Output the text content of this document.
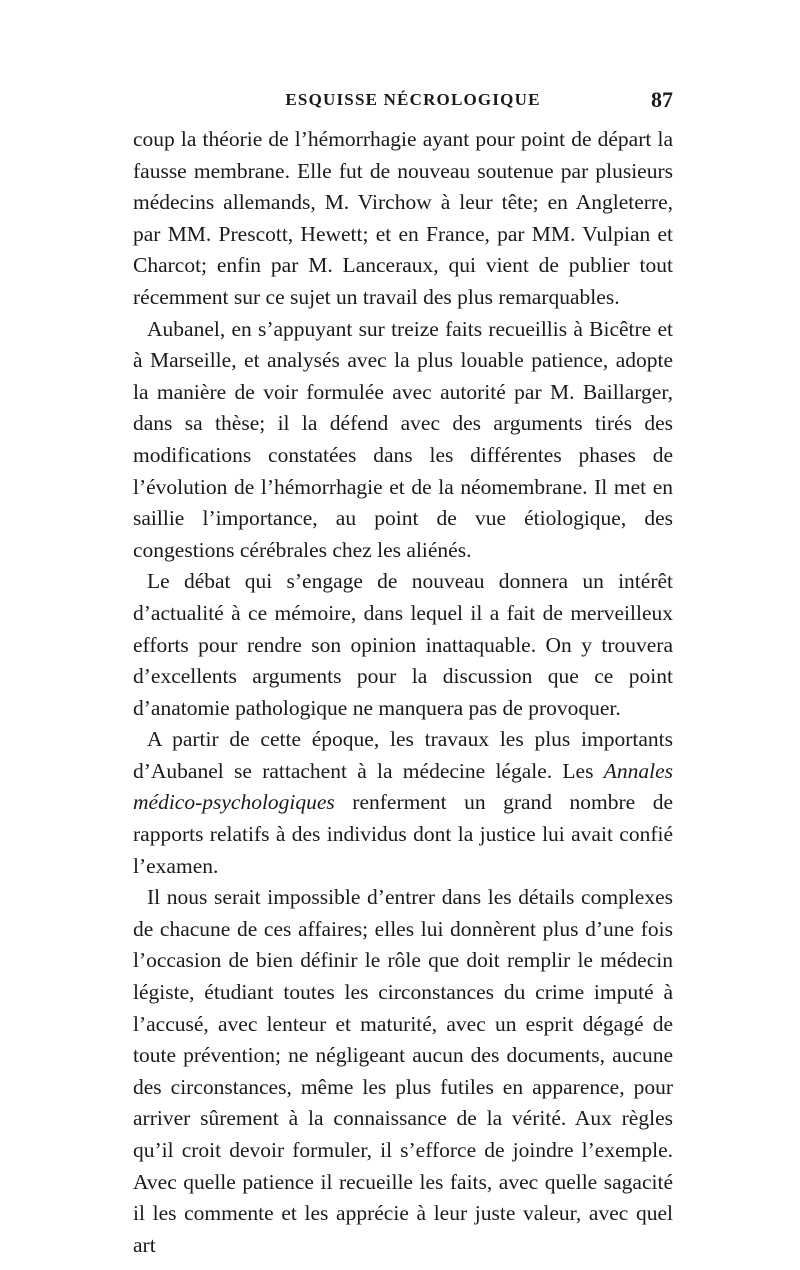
ESQUISSE NÉCROLOGIQUE	87

coup la théorie de l’hémorrhagie ayant pour point de départ la fausse membrane. Elle fut de nouveau soutenue par plusieurs médecins allemands, M. Virchow à leur tête; en Angleterre, par MM. Prescott, Hewett; et en France, par MM. Vulpian et Charcot; enfin par M. Lanceraux, qui vient de publier tout récemment sur ce sujet un travail des plus remarquables.

Aubanel, en s’appuyant sur treize faits recueillis à Bicêtre et à Marseille, et analysés avec la plus louable patience, adopte la manière de voir formulée avec autorité par M. Baillarger, dans sa thèse; il la défend avec des arguments tirés des modifications constatées dans les différentes phases de l’évolution de l’hémorrhagie et de la néomembrane. Il met en saillie l’importance, au point de vue étiologique, des congestions cérébrales chez les aliénés.

Le débat qui s’engage de nouveau donnera un intérêt d’actualité à ce mémoire, dans lequel il a fait de merveilleux efforts pour rendre son opinion inattaquable. On y trouvera d’excellents arguments pour la discussion que ce point d’anatomie pathologique ne manquera pas de provoquer.

A partir de cette époque, les travaux les plus importants d’Aubanel se rattachent à la médecine légale. Les Annales médico-psychologiques renferment un grand nombre de rapports relatifs à des individus dont la justice lui avait confié l’examen.

Il nous serait impossible d’entrer dans les détails complexes de chacune de ces affaires; elles lui donnèrent plus d’une fois l’occasion de bien définir le rôle que doit remplir le médecin légiste, étudiant toutes les circonstances du crime imputé à l’accusé, avec lenteur et maturité, avec un esprit dégagé de toute prévention; ne négligeant aucun des documents, aucune des circonstances, même les plus futiles en apparence, pour arriver sûrement à la connaissance de la vérité. Aux règles qu’il croit devoir formuler, il s’efforce de joindre l’exemple. Avec quelle patience il recueille les faits, avec quelle sagacité il les commente et les apprécie à leur juste valeur, avec quel art
